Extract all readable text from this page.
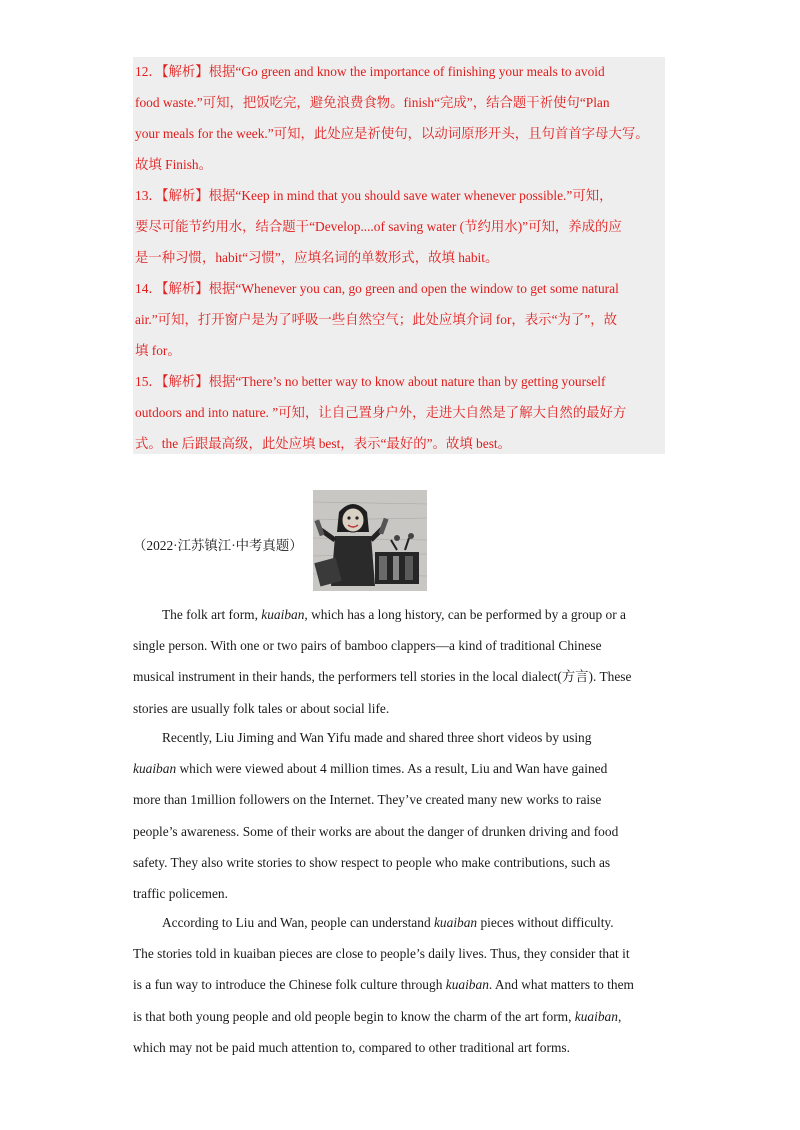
12．【解析】根据“Go green and know the importance of finishing your meals to avoid
food waste.”可知，把饭吃完，避免浪费食物。finish“完成”，结合题干祈使句“Plan
your meals for the week.”可知，此处应是祈使句，以动词原形开头，且句首首字母大写。
故填 Finish。
13．【解析】根据“Keep in mind that you should save water whenever possible.”可知，
要尽可能节约用水，结合题干“Develop....of saving water (节约用水)”可知，养成的应
是一种习惯，habit“习惯”，应填名词的单数形式，故填 habit。
14．【解析】根据“Whenever you can, go green and open the window to get some natural
air.”可知，打开窗户是为了呼吸一些自然空气；此处应填介词 for，表示“为了”，故
填 for。
15．【解析】根据“There’s no better way to know about nature than by getting yourself
outdoors and into nature. ”可知，让自己置身户外，走进大自然是了解大自然的最好方
式。the 后跟最高级，此处应填 best，表示“最好的”。故填 best。
（2022·江苏镇江·中考真题）
The folk art form, kuaiban, which has a long history, can be performed by a group or a
single person. With one or two pairs of bamboo clappers—a kind of traditional Chinese
musical instrument in their hands, the performers tell stories in the local dialect(方言). These
stories are usually folk tales or about social life.
Recently, Liu Jiming and Wan Yifu made and shared three short videos by using
kuaiban which were viewed about 4 million times. As a result, Liu and Wan have gained
more than 1million followers on the Internet. They’ve created many new works to raise
people’s awareness. Some of their works are about the danger of drunken driving and food
safety. They also write stories to show respect to people who make contributions, such as
traffic policemen.
According to Liu and Wan, people can understand kuaiban pieces without difficulty.
The stories told in kuaiban pieces are close to people’s daily lives. Thus, they consider that it
is a fun way to introduce the Chinese folk culture through kuaiban. And what matters to them
is that both young people and old people begin to know the charm of the art form, kuaiban,
which may not be paid much attention to, compared to other traditional art forms.
